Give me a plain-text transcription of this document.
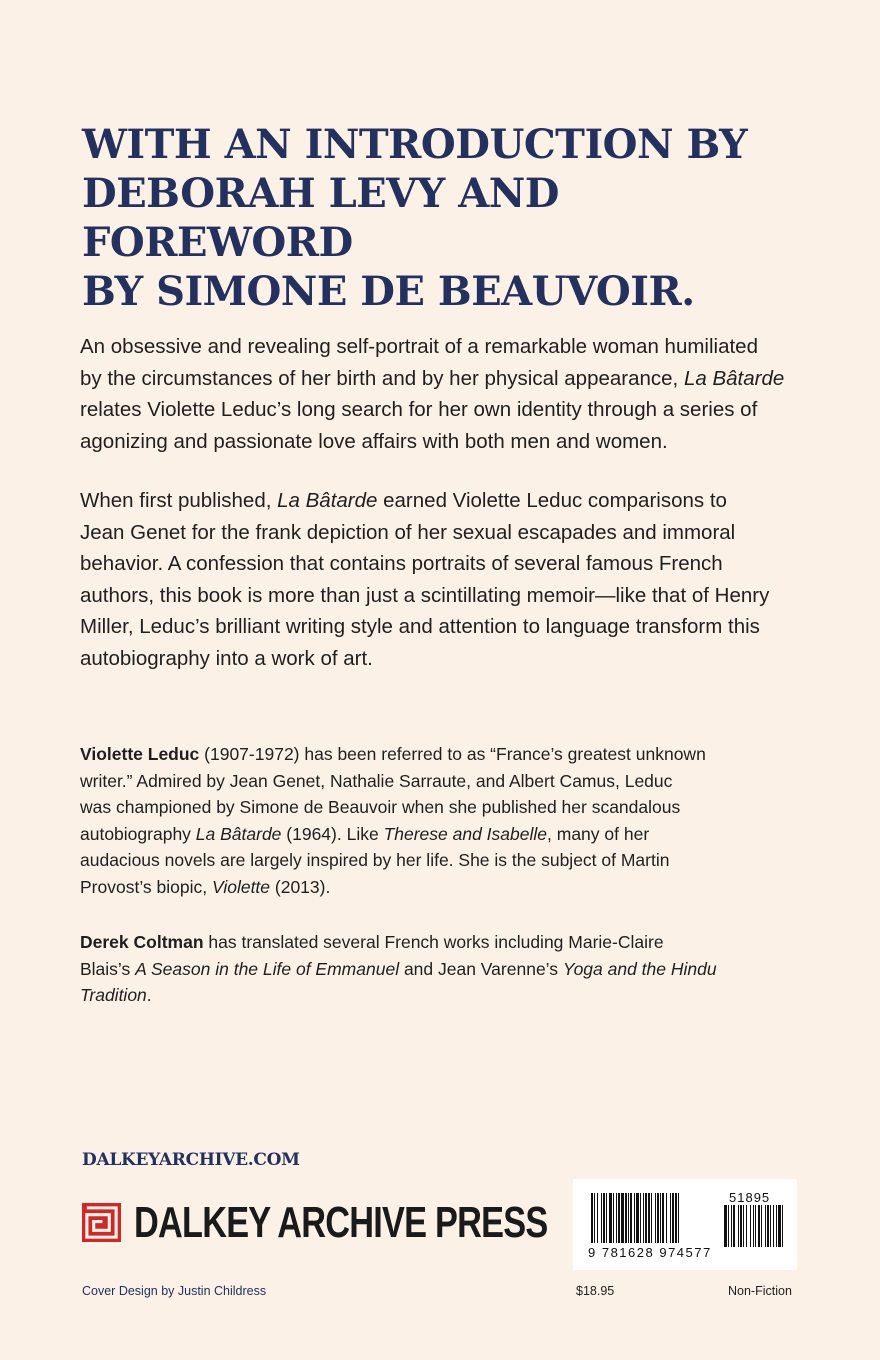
WITH AN INTRODUCTION BY
DEBORAH LEVY AND FOREWORD
BY SIMONE DE BEAUVOIR.

An obsessive and revealing self-portrait of a remarkable woman humiliated
by the circumstances of her birth and by her physical appearance, La Bâtarde
relates Violette Leduc’s long search for her own identity through a series of
agonizing and passionate love affairs with both men and women.

When first published, La Bâtarde earned Violette Leduc comparisons to
Jean Genet for the frank depiction of her sexual escapades and immoral
behavior. A confession that contains portraits of several famous French
authors, this book is more than just a scintillating memoir—like that of Henry
Miller, Leduc’s brilliant writing style and attention to language transform this
autobiography into a work of art.

Violette Leduc (1907-1972) has been referred to as “France’s greatest unknown
writer.” Admired by Jean Genet, Nathalie Sarraute, and Albert Camus, Leduc
was championed by Simone de Beauvoir when she published her scandalous
autobiography La Bâtarde (1964). Like Therese and Isabelle, many of her
audacious novels are largely inspired by her life. She is the subject of Martin
Provost’s biopic, Violette (2013).

Derek Coltman has translated several French works including Marie-Claire
Blais’s A Season in the Life of Emmanuel and Jean Varenne’s Yoga and the Hindu
Tradition.

DALKEYARCHIVE.COM
DALKEY ARCHIVE PRESS
51895
9 781628 974577
Cover Design by Justin Childress	$18.95	Non-Fiction
